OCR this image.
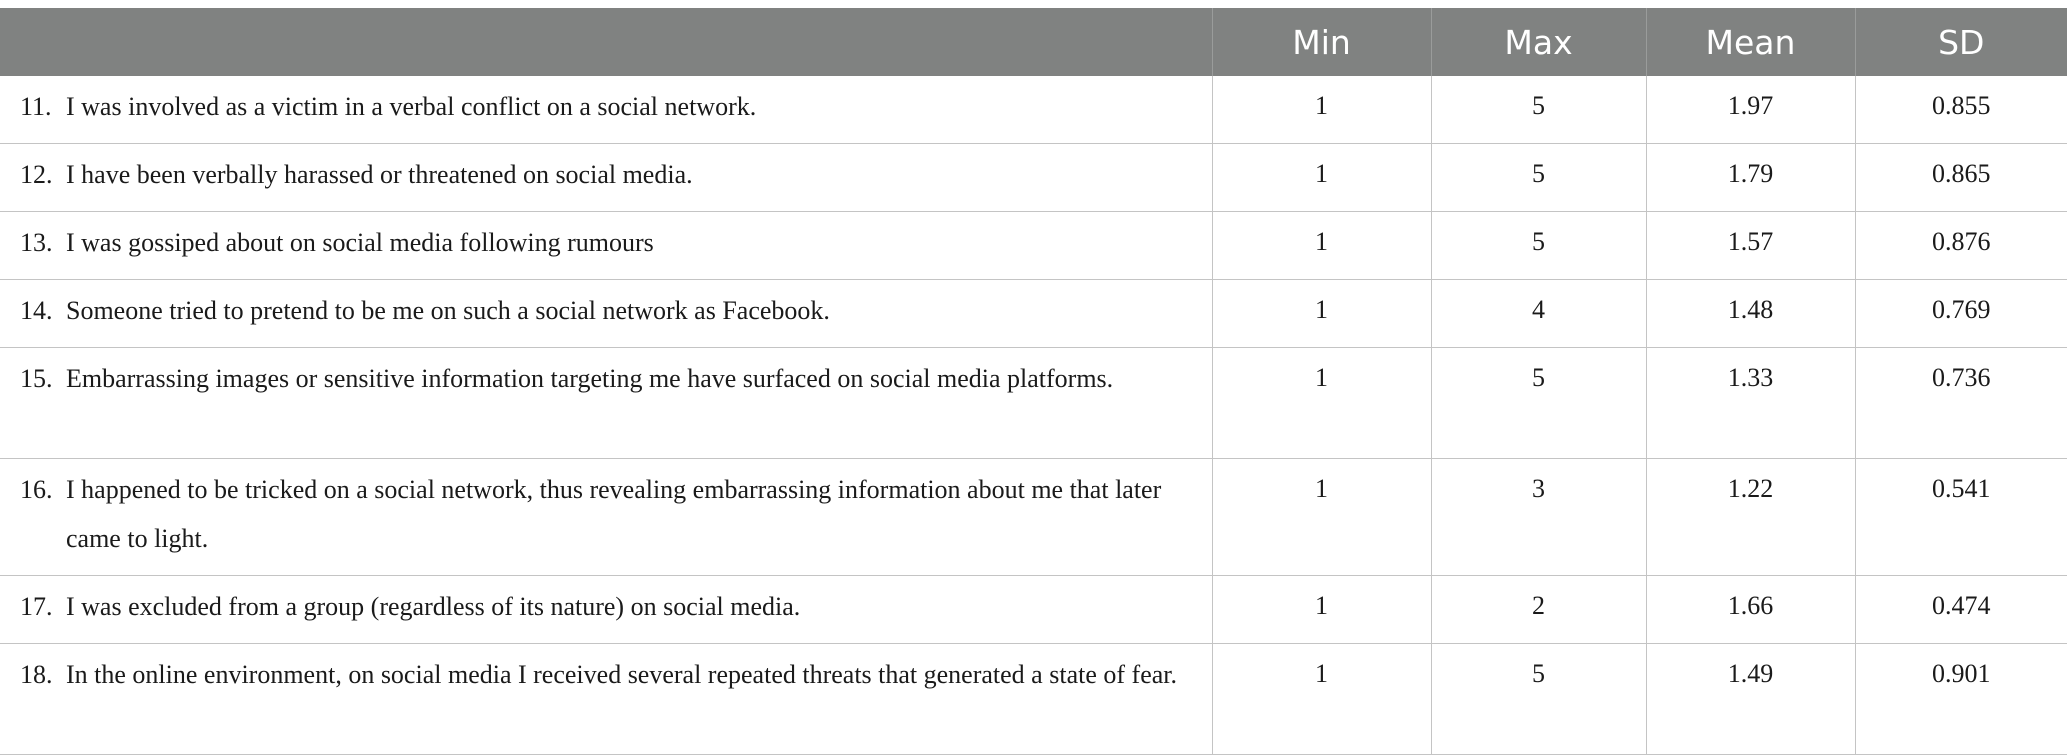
	Min	Max	Mean	SD

11. I was involved as a victim in a verbal conflict on a social network.	1	5	1.97	0.855

12. I have been verbally harassed or threatened on social media.	1	5	1.79	0.865

13. I was gossiped about on social media following rumours	1	5	1.57	0.876

14. Someone tried to pretend to be me on such a social network as Facebook.	1	4	1.48	0.769

15. Embarrassing images or sensitive information targeting me have surfaced on social media platforms.	1	5	1.33	0.736

16. I happened to be tricked on a social network, thus revealing embarrassing information about me that later came to light.	1	3	1.22	0.541

17. I was excluded from a group (regardless of its nature) on social media.	1	2	1.66	0.474

18. In the online environment, on social media I received several repeated threats that generated a state of fear.	1	5	1.49	0.901
